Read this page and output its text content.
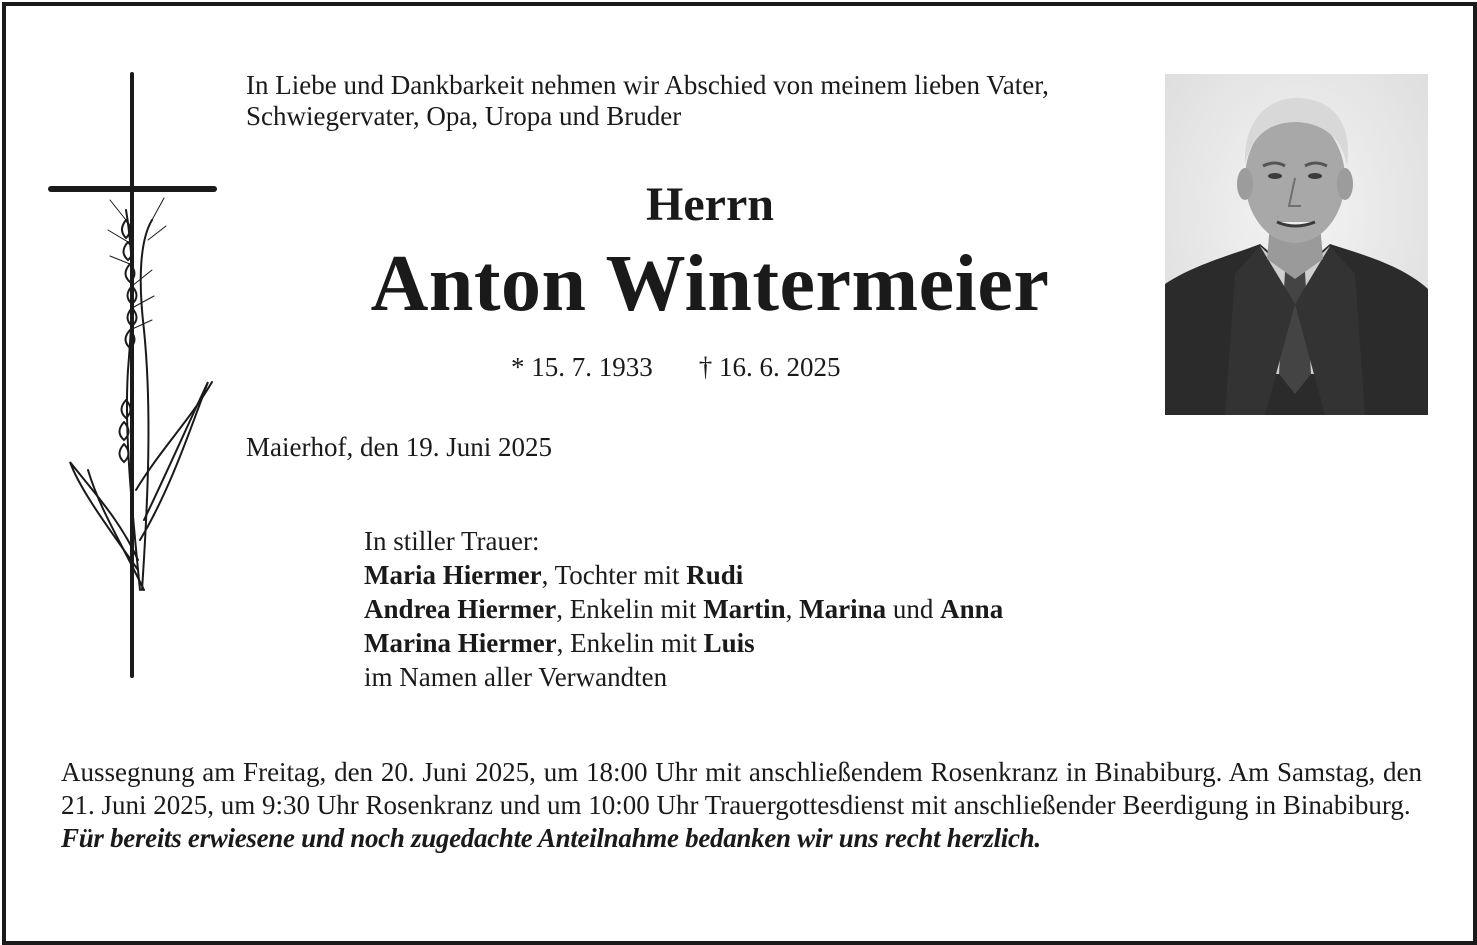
In Liebe und Dankbarkeit nehmen wir Abschied von meinem lieben Vater,
Schwiegervater, Opa, Uropa und Bruder
Herrn
Anton Wintermeier
* 15. 7. 1933 † 16. 6. 2025
Maierhof, den 19. Juni 2025
In stiller Trauer:
Maria Hiermer, Tochter mit Rudi
Andrea Hiermer, Enkelin mit Martin, Marina und Anna
Marina Hiermer, Enkelin mit Luis
im Namen aller Verwandten
Aussegnung am Freitag, den 20. Juni 2025, um 18:00 Uhr mit anschließendem Rosenkranz in Binabiburg. Am Samstag, den 21. Juni 2025, um 9:30 Uhr Rosenkranz und um 10:00 Uhr Trauergottesdienst mit anschließender Beerdigung in Binabiburg.
Für bereits erwiesene und noch zugedachte Anteilnahme bedanken wir uns recht herzlich.
